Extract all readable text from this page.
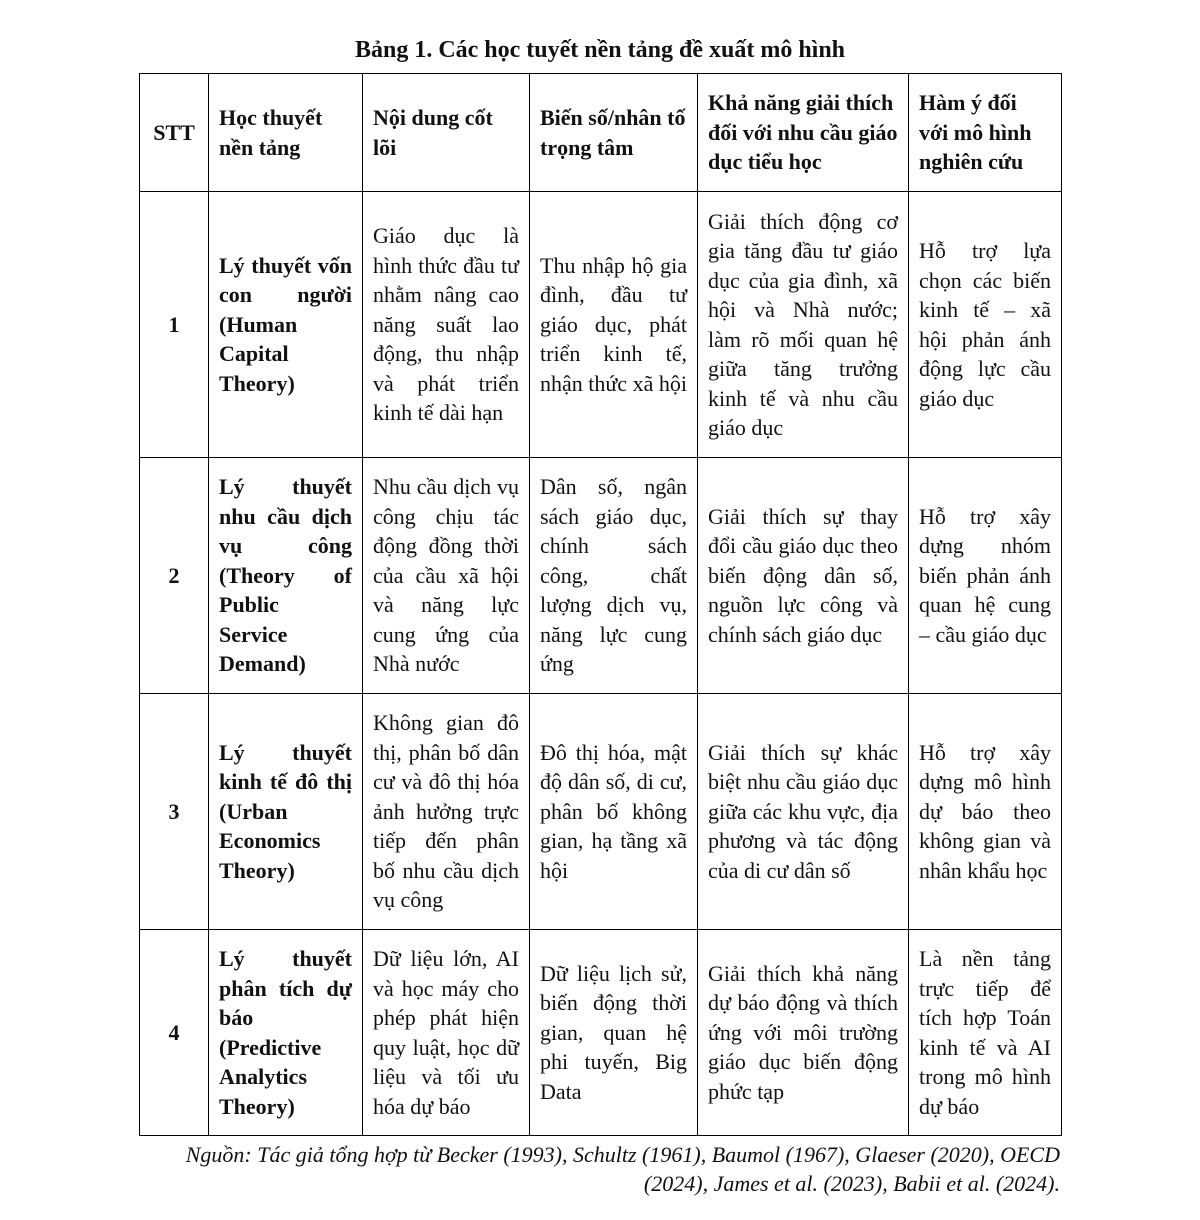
Bảng 1. Các học tuyết nền tảng đề xuất mô hình
STT	Học thuyết nền tảng	Nội dung cốt lõi	Biến số/nhân tố trọng tâm	Khả năng giải thích đối với nhu cầu giáo dục tiểu học	Hàm ý đối với mô hình nghiên cứu
1	Lý thuyết vốn con người (Human Capital Theory)	Giáo dục là hình thức đầu tư nhằm nâng cao năng suất lao động, thu nhập và phát triển kinh tế dài hạn	Thu nhập hộ gia đình, đầu tư giáo dục, phát triển kinh tế, nhận thức xã hội	Giải thích động cơ gia tăng đầu tư giáo dục của gia đình, xã hội và Nhà nước; làm rõ mối quan hệ giữa tăng trưởng kinh tế và nhu cầu giáo dục	Hỗ trợ lựa chọn các biến kinh tế – xã hội phản ánh động lực cầu giáo dục
2	Lý thuyết nhu cầu dịch vụ công (Theory of Public Service Demand)	Nhu cầu dịch vụ công chịu tác động đồng thời của cầu xã hội và năng lực cung ứng của Nhà nước	Dân số, ngân sách giáo dục, chính sách công, chất lượng dịch vụ, năng lực cung ứng	Giải thích sự thay đổi cầu giáo dục theo biến động dân số, nguồn lực công và chính sách giáo dục	Hỗ trợ xây dựng nhóm biến phản ánh quan hệ cung – cầu giáo dục
3	Lý thuyết kinh tế đô thị (Urban Economics Theory)	Không gian đô thị, phân bố dân cư và đô thị hóa ảnh hưởng trực tiếp đến phân bố nhu cầu dịch vụ công	Đô thị hóa, mật độ dân số, di cư, phân bố không gian, hạ tầng xã hội	Giải thích sự khác biệt nhu cầu giáo dục giữa các khu vực, địa phương và tác động của di cư dân số	Hỗ trợ xây dựng mô hình dự báo theo không gian và nhân khẩu học
4	Lý thuyết phân tích dự báo (Predictive Analytics Theory)	Dữ liệu lớn, AI và học máy cho phép phát hiện quy luật, học dữ liệu và tối ưu hóa dự báo	Dữ liệu lịch sử, biến động thời gian, quan hệ phi tuyến, Big Data	Giải thích khả năng dự báo động và thích ứng với môi trường giáo dục biến động phức tạp	Là nền tảng trực tiếp để tích hợp Toán kinh tế và AI trong mô hình dự báo
Nguồn: Tác giả tổng hợp từ Becker (1993), Schultz (1961), Baumol (1967), Glaeser (2020), OECD (2024), James et al. (2023), Babii et al. (2024).
